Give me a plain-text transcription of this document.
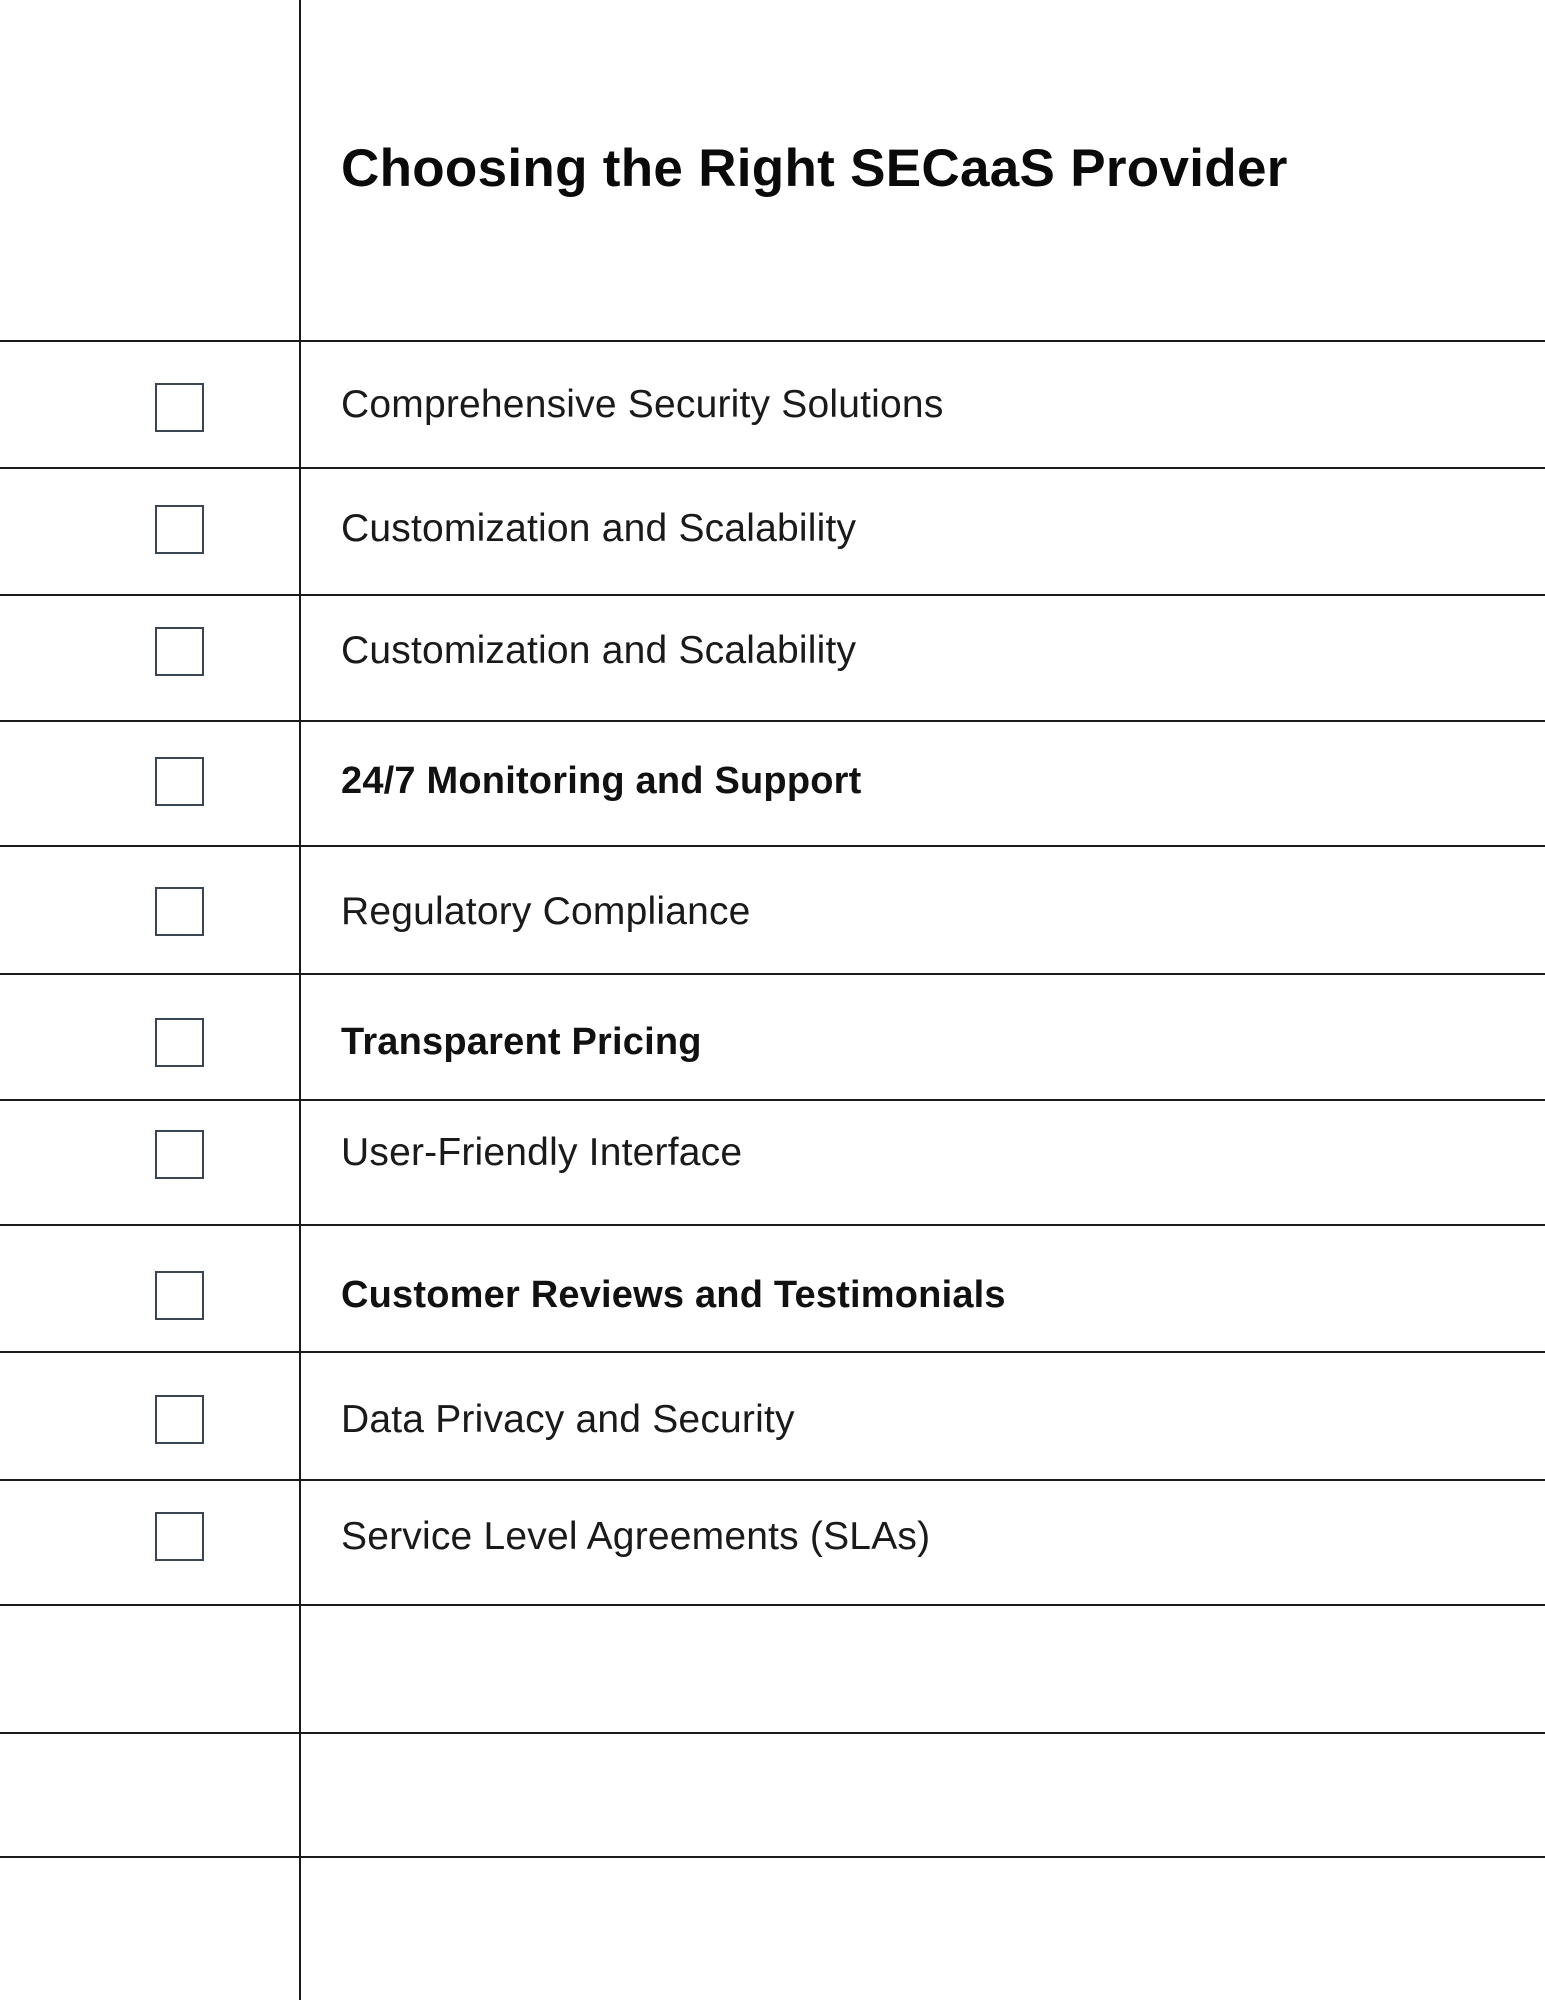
Choosing the Right SECaaS Provider
Comprehensive Security Solutions
Customization and Scalability
Customization and Scalability
24/7 Monitoring and Support
Regulatory Compliance
Transparent Pricing
User-Friendly Interface
Customer Reviews and Testimonials
Data Privacy and Security
Service Level Agreements (SLAs)
